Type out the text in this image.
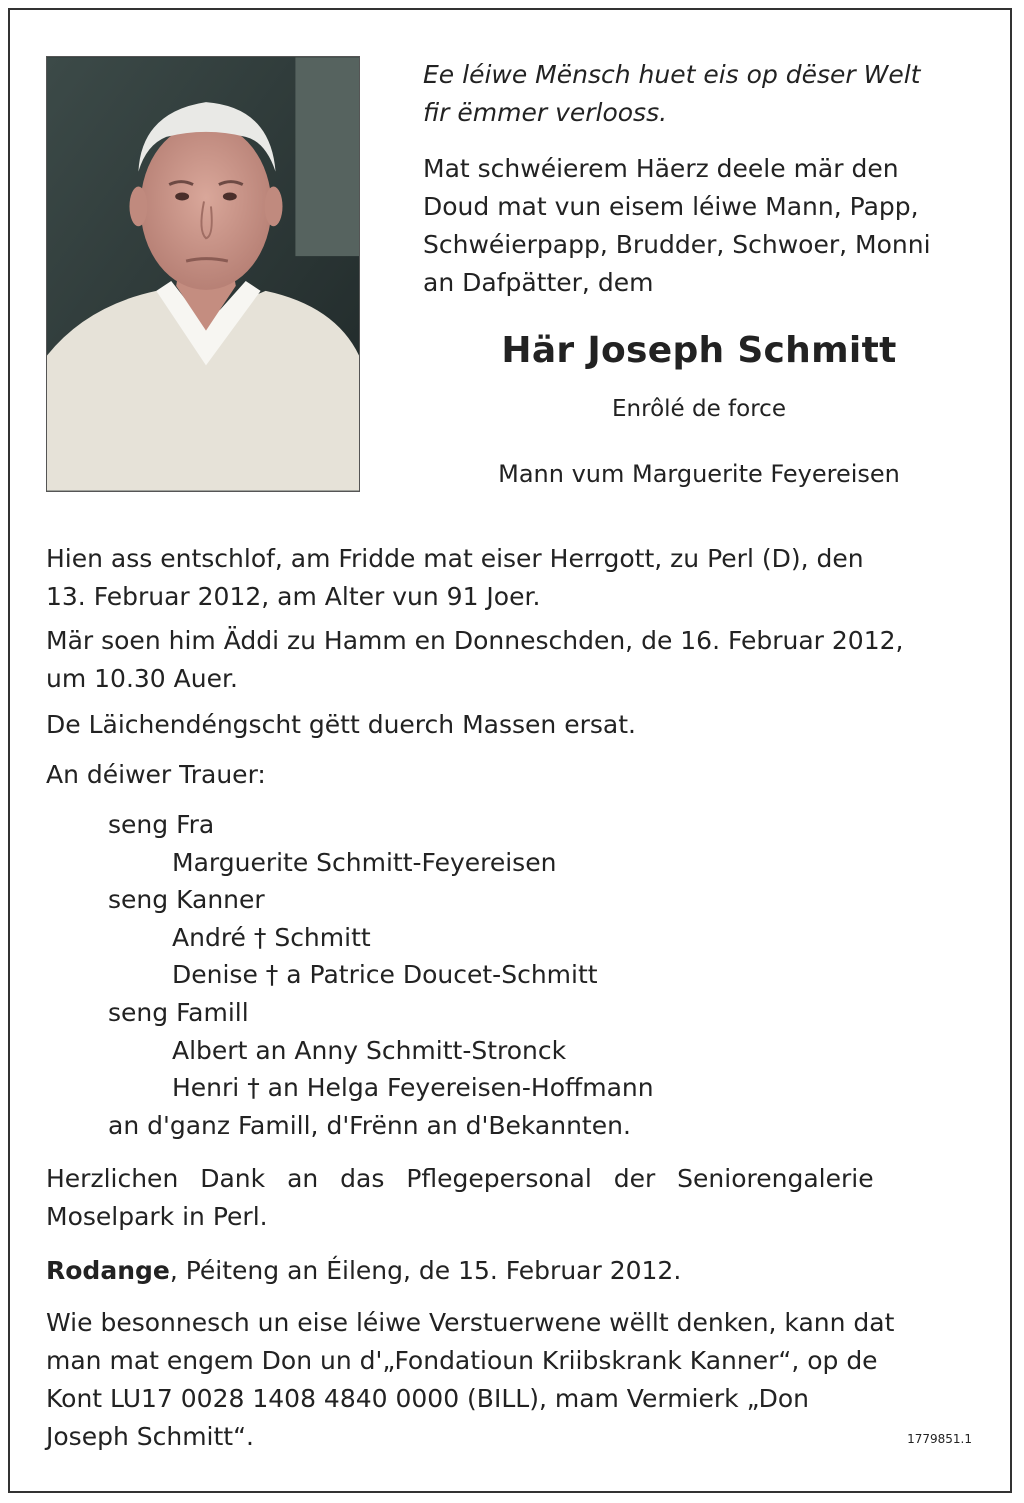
Ee léiwe Mënsch huet eis op dëser Welt
fir ëmmer verlooss.
Mat schwéierem Häerz deele mär den
Doud mat vun eisem léiwe Mann, Papp,
Schwéierpapp, Brudder, Schwoer, Monni
an Dafpätter, dem
Här Joseph Schmitt
Enrôlé de force
Mann vum Marguerite Feyereisen
Hien ass entschlof, am Fridde mat eiser Herrgott, zu Perl (D), den
13. Februar 2012, am Alter vun 91 Joer.
Mär soen him Äddi zu Hamm en Donneschden, de 16. Februar 2012,
um 10.30 Auer.
De Läichendéngscht gëtt duerch Massen ersat.
An déiwer Trauer:
seng Fra
Marguerite Schmitt-Feyereisen
seng Kanner
André † Schmitt
Denise † a Patrice Doucet-Schmitt
seng Famill
Albert an Anny Schmitt-Stronck
Henri † an Helga Feyereisen-Hoffmann
an d'ganz Famill, d'Frënn an d'Bekannten.
Herzlichen Dank an das Pflegepersonal der Seniorengalerie
Moselpark in Perl.
Rodange, Péiteng an Éileng, de 15. Februar 2012.
Wie besonnesch un eise léiwe Verstuerwene wëllt denken, kann dat
man mat engem Don un d'„Fondatioun Kriibskrank Kanner“, op de
Kont LU17 0028 1408 4840 0000 (BILL), mam Vermierk „Don
Joseph Schmitt“.	1779851.1
